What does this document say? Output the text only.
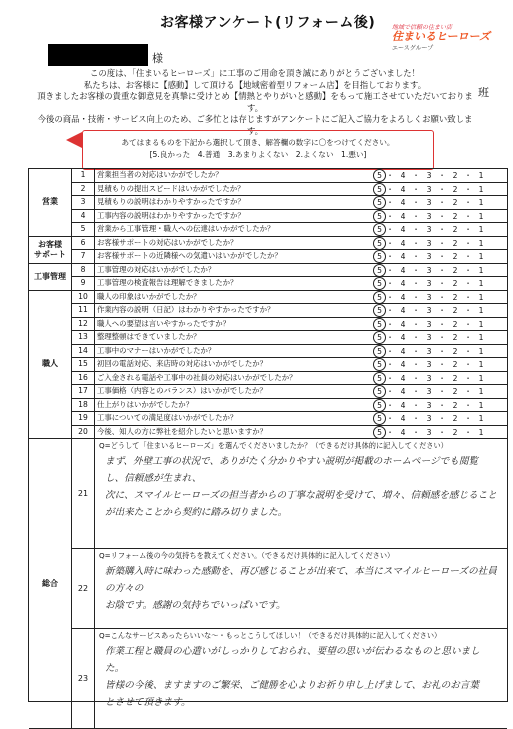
お客様アンケート(リフォーム後)
様
地域で信頼の住まい店
住まいるヒーローズ
エースグループ
班
この度は、「住まいるヒーローズ」に工事のご用命を頂き誠にありがとうございました！
私たちは、お客様に【感動】して頂ける【地域密着型リフォーム店】を目指しております。
頂きましたお客様の貴重な御意見を真摯に受けとめ【情熱とやりがいと感動】をもって施工させていただいております。
今後の商品・技術・サービス向上のため、ご多忙とは存じますがアンケートにご記入ご協力をよろしくお願い致します。
あてはまるものを下記から選択して頂き、解答欄の数字に〇をつけてください。
[5.良かった　4.普通　3.あまりよくない　2.よくない　1.悪い]
営業
お客様
サポート
工事管理
職人
1	営業担当者の対応はいかがでしたか？	5 ・ 4 ・ 3 ・ 2 ・ 1
2	見積もりの提出スピードはいかがでしたか？	5 ・ 4 ・ 3 ・ 2 ・ 1
3	見積もりの説明はわかりやすかったですか？	5 ・ 4 ・ 3 ・ 2 ・ 1
4	工事内容の説明はわかりやすかったですか？	5 ・ 4 ・ 3 ・ 2 ・ 1
5	営業から工事管理・職人への伝達はいかがでしたか？	5 ・ 4 ・ 3 ・ 2 ・ 1
6	お客様サポートの対応はいかがでしたか？	5 ・ 4 ・ 3 ・ 2 ・ 1
7	お客様サポートの近隣様への気遣いはいかがでしたか？	5 ・ 4 ・ 3 ・ 2 ・ 1
8	工事管理の対応はいかがでしたか？	5 ・ 4 ・ 3 ・ 2 ・ 1
9	工事管理の検査報告は理解できましたか？	5 ・ 4 ・ 3 ・ 2 ・ 1
10	職人の印象はいかがでしたか？	5 ・ 4 ・ 3 ・ 2 ・ 1
11	作業内容の説明（日記）はわかりやすかったですか？	5 ・ 4 ・ 3 ・ 2 ・ 1
12	職人への要望は言いやすかったですか？	5 ・ 4 ・ 3 ・ 2 ・ 1
13	整理整頓はできていましたか？	5 ・ 4 ・ 3 ・ 2 ・ 1
14	工事中のマナーはいかがでしたか？	5 ・ 4 ・ 3 ・ 2 ・ 1
15	初回の電話対応、来店時の対応はいかがでしたか？	5 ・ 4 ・ 3 ・ 2 ・ 1
16	ご入金される電話や工事中の社員の対応はいかがでしたか？	5 ・ 4 ・ 3 ・ 2 ・ 1
17	工事価格（内容とのバランス）はいかがでしたか？	5 ・ 4 ・ 3 ・ 2 ・ 1
18	仕上がりはいかがでしたか？	5 ・ 4 ・ 3 ・ 2 ・ 1
19	工事についての満足度はいかがでしたか？	5 ・ 4 ・ 3 ・ 2 ・ 1
20	今後、知人の方に弊社を紹介したいと思いますか？	5 ・ 4 ・ 3 ・ 2 ・ 1
総合
21
Q=どうして「住まいるヒーローズ」を選んでくださいましたか？（できるだけ具体的に記入してください）
まず、外壁工事の状況で、ありがたく分かりやすい説明が掲載のホームページでも閲覧し、信頼感が生まれ、
次に、スマイルヒーローズの担当者からの丁寧な説明を受けて、増々、信頼感を感じることが出来たことから契約に踏み切りました。
22
Q=リフォーム後の今の気持ちを教えてください。（できるだけ具体的に記入してください）
新築購入時に味わった感動を、再び感じることが出来て、本当にスマイルヒーローズの社員の方々の
お陰です。感謝の気持ちでいっぱいです。
23
Q=こんなサービスあったらいいな〜・もっとこうしてほしい！（できるだけ具体的に記入してください）
作業工程と職員の心遣いがしっかりしておられ、要望の思いが伝わるなものと思いました。
皆様の今後、ますますのご繁栄、ご健勝を心よりお祈り申し上げまして、お礼のお言葉
とさせて頂きます。
